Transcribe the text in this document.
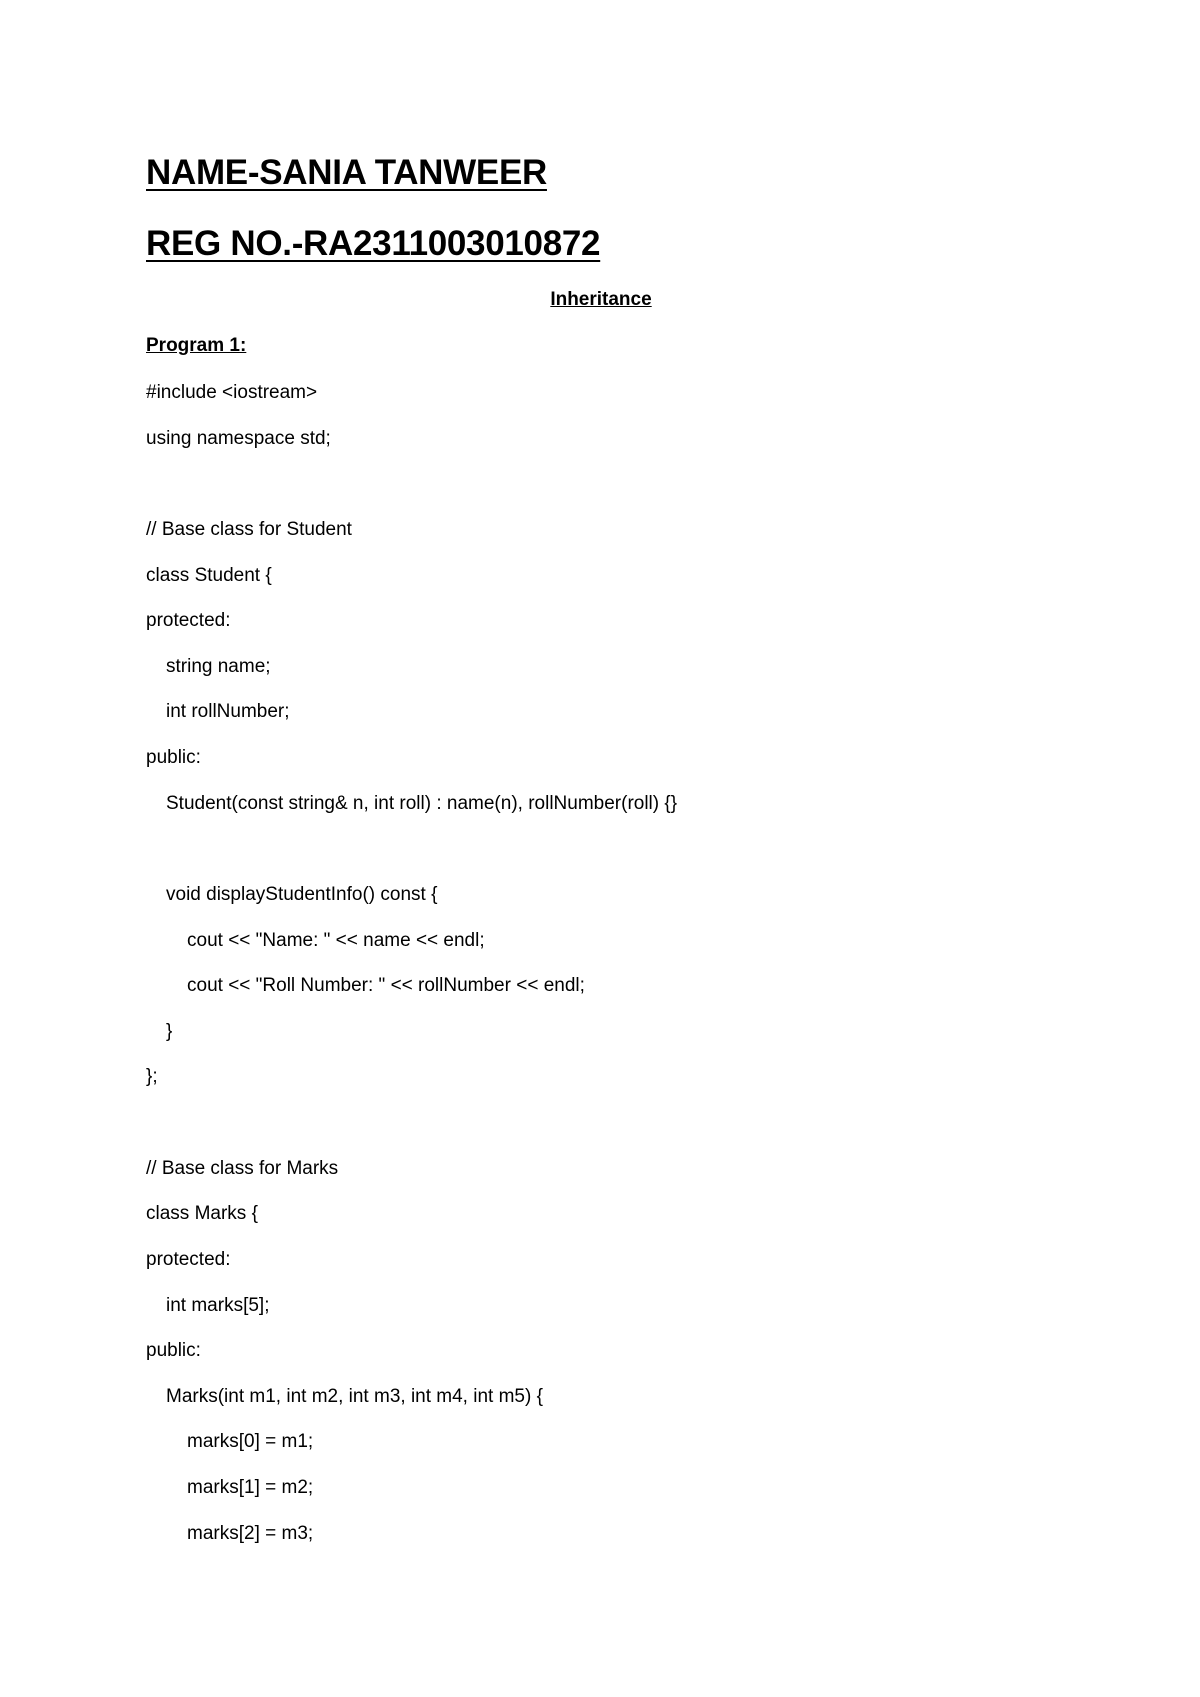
NAME-SANIA TANWEER
REG NO.-RA2311003010872
Inheritance
Program 1:
#include <iostream>
using namespace std;
// Base class for Student
class Student {
protected:
string name;
int rollNumber;
public:
Student(const string& n, int roll) : name(n), rollNumber(roll) {}
void displayStudentInfo() const {
cout << "Name: " << name << endl;
cout << "Roll Number: " << rollNumber << endl;
}
};
// Base class for Marks
class Marks {
protected:
int marks[5];
public:
Marks(int m1, int m2, int m3, int m4, int m5) {
marks[0] = m1;
marks[1] = m2;
marks[2] = m3;
